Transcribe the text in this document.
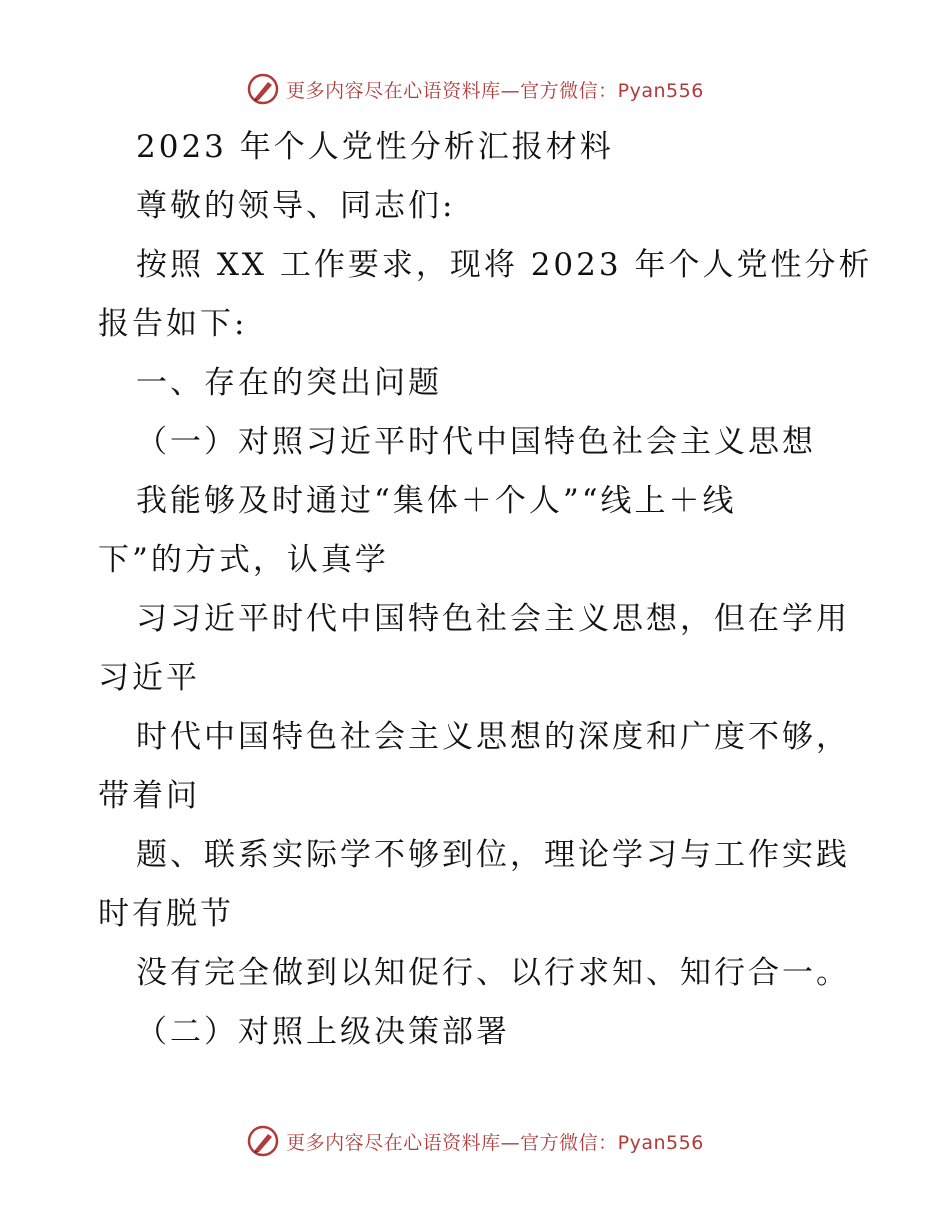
更多内容尽在心语资料库—官方微信：Pyan556
2023 年个人党性分析汇报材料
尊敬的领导、同志们:
按照 XX 工作要求，现将 2023 年个人党性分析
报告如下:
一、存在的突出问题
（一）对照习近平时代中国特色社会主义思想
我能够及时通过“集体＋个人”“线上＋线
下”的方式，认真学
习习近平时代中国特色社会主义思想，但在学用
习近平
时代中国特色社会主义思想的深度和广度不够，
带着问
题、联系实际学不够到位，理论学习与工作实践
时有脱节
没有完全做到以知促行、以行求知、知行合一。
（二）对照上级决策部署
更多内容尽在心语资料库—官方微信：Pyan556
